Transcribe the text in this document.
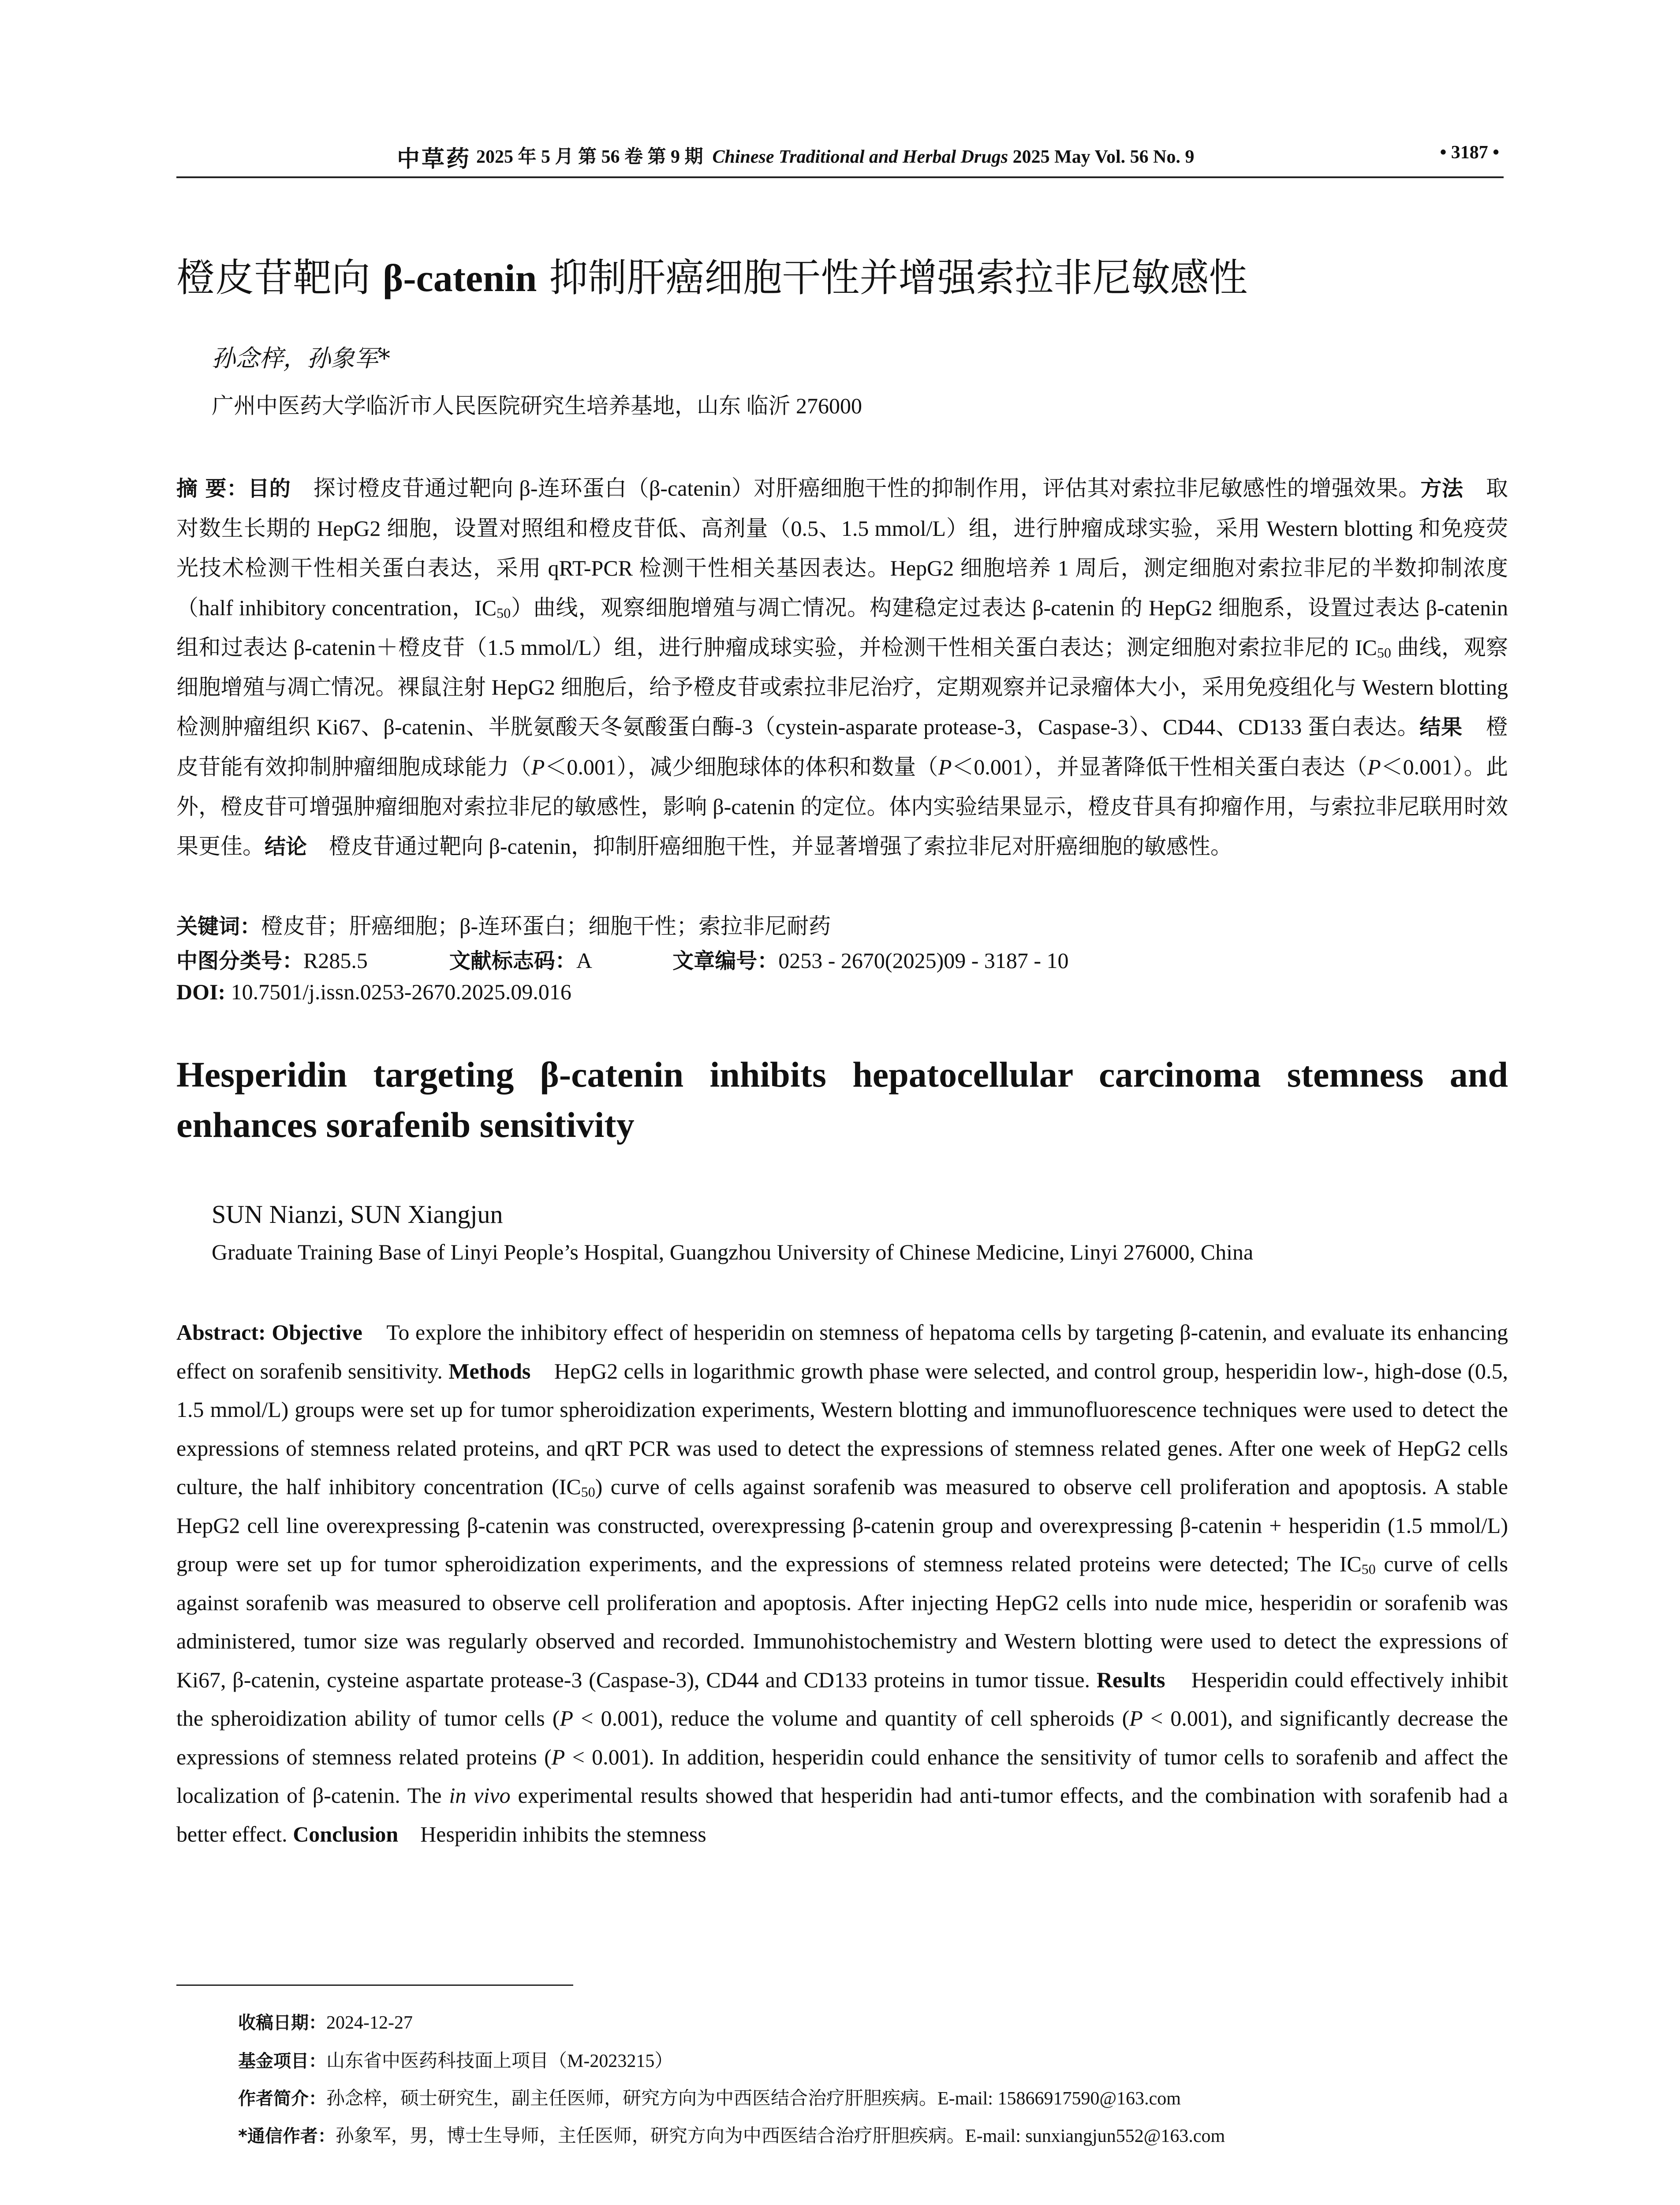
中草药 2025 年 5 月 第 56 卷 第 9 期 Chinese Traditional and Herbal Drugs 2025 May Vol. 56 No. 9	• 3187 •
橙皮苷靶向 β-catenin 抑制肝癌细胞干性并增强索拉非尼敏感性
孙念梓，孙象军*
广州中医药大学临沂市人民医院研究生培养基地，山东 临沂 276000
摘 要：目的 探讨橙皮苷通过靶向 β-连环蛋白（β-catenin）对肝癌细胞干性的抑制作用，评估其对索拉非尼敏感性的增强效果。方法 取对数生长期的 HepG2 细胞，设置对照组和橙皮苷低、高剂量（0.5、1.5 mmol/L）组，进行肿瘤成球实验，采用 Western blotting 和免疫荧光技术检测干性相关蛋白表达，采用 qRT-PCR 检测干性相关基因表达。HepG2 细胞培养 1 周后，测定细胞对索拉非尼的半数抑制浓度（half inhibitory concentration，$IC_{50}$）曲线，观察细胞增殖与凋亡情况。构建稳定过表达 β-catenin 的 HepG2 细胞系，设置过表达 β-catenin 组和过表达 β-catenin＋橙皮苷（1.5 mmol/L）组，进行肿瘤成球实验，并检测干性相关蛋白表达；测定细胞对索拉非尼的 $IC_{50}$ 曲线，观察细胞增殖与凋亡情况。裸鼠注射 HepG2 细胞后，给予橙皮苷或索拉非尼治疗，定期观察并记录瘤体大小，采用免疫组化与 Western blotting 检测肿瘤组织 Ki67、β-catenin、半胱氨酸天冬氨酸蛋白酶-3（cystein-asparate protease-3，Caspase-3）、CD44、CD133 蛋白表达。结果 橙皮苷能有效抑制肿瘤细胞成球能力（P＜0.001），减少细胞球体的体积和数量（P＜0.001），并显著降低干性相关蛋白表达（P＜0.001）。此外，橙皮苷可增强肿瘤细胞对索拉非尼的敏感性，影响 β-catenin 的定位。体内实验结果显示，橙皮苷具有抑瘤作用，与索拉非尼联用时效果更佳。结论 橙皮苷通过靶向 β-catenin，抑制肝癌细胞干性，并显著增强了索拉非尼对肝癌细胞的敏感性。
关键词：橙皮苷；肝癌细胞；β-连环蛋白；细胞干性；索拉非尼耐药
中图分类号：R285.5	文献标志码：A	文章编号：0253 - 2670(2025)09 - 3187 - 10
DOI: 10.7501/j.issn.0253-2670.2025.09.016
Hesperidin targeting β-catenin inhibits hepatocellular carcinoma stemness and enhances sorafenib sensitivity
SUN Nianzi, SUN Xiangjun
Graduate Training Base of Linyi People’s Hospital, Guangzhou University of Chinese Medicine, Linyi 276000, China
Abstract: Objective To explore the inhibitory effect of hesperidin on stemness of hepatoma cells by targeting β-catenin, and evaluate its enhancing effect on sorafenib sensitivity. Methods HepG2 cells in logarithmic growth phase were selected, and control group, hesperidin low-, high-dose (0.5, 1.5 mmol/L) groups were set up for tumor spheroidization experiments, Western blotting and immunofluorescence techniques were used to detect the expressions of stemness related proteins, and qRT PCR was used to detect the expressions of stemness related genes. After one week of HepG2 cells culture, the half inhibitory concentration $(IC_{50})$ curve of cells against sorafenib was measured to observe cell proliferation and apoptosis. A stable HepG2 cell line overexpressing β-catenin was constructed, overexpressing β-catenin group and overexpressing β-catenin + hesperidin (1.5 mmol/L) group were set up for tumor spheroidization experiments, and the expressions of stemness related proteins were detected; The $IC_{50}$ curve of cells against sorafenib was measured to observe cell proliferation and apoptosis. After injecting HepG2 cells into nude mice, hesperidin or sorafenib was administered, tumor size was regularly observed and recorded. Immunohistochemistry and Western blotting were used to detect the expressions of Ki67, β-catenin, cysteine aspartate protease-3 (Caspase-3), CD44 and CD133 proteins in tumor tissue. Results Hesperidin could effectively inhibit the spheroidization ability of tumor cells (P < 0.001), reduce the volume and quantity of cell spheroids (P < 0.001), and significantly decrease the expressions of stemness related proteins (P < 0.001). In addition, hesperidin could enhance the sensitivity of tumor cells to sorafenib and affect the localization of β-catenin. The in vivo experimental results showed that hesperidin had anti-tumor effects, and the combination with sorafenib had a better effect. Conclusion Hesperidin inhibits the stemness
收稿日期：2024-12-27
基金项目：山东省中医药科技面上项目（M-2023215）
作者简介：孙念梓，硕士研究生，副主任医师，研究方向为中西医结合治疗肝胆疾病。E-mail: 15866917590@163.com
*通信作者：孙象军，男，博士生导师，主任医师，研究方向为中西医结合治疗肝胆疾病。E-mail: sunxiangjun552@163.com
